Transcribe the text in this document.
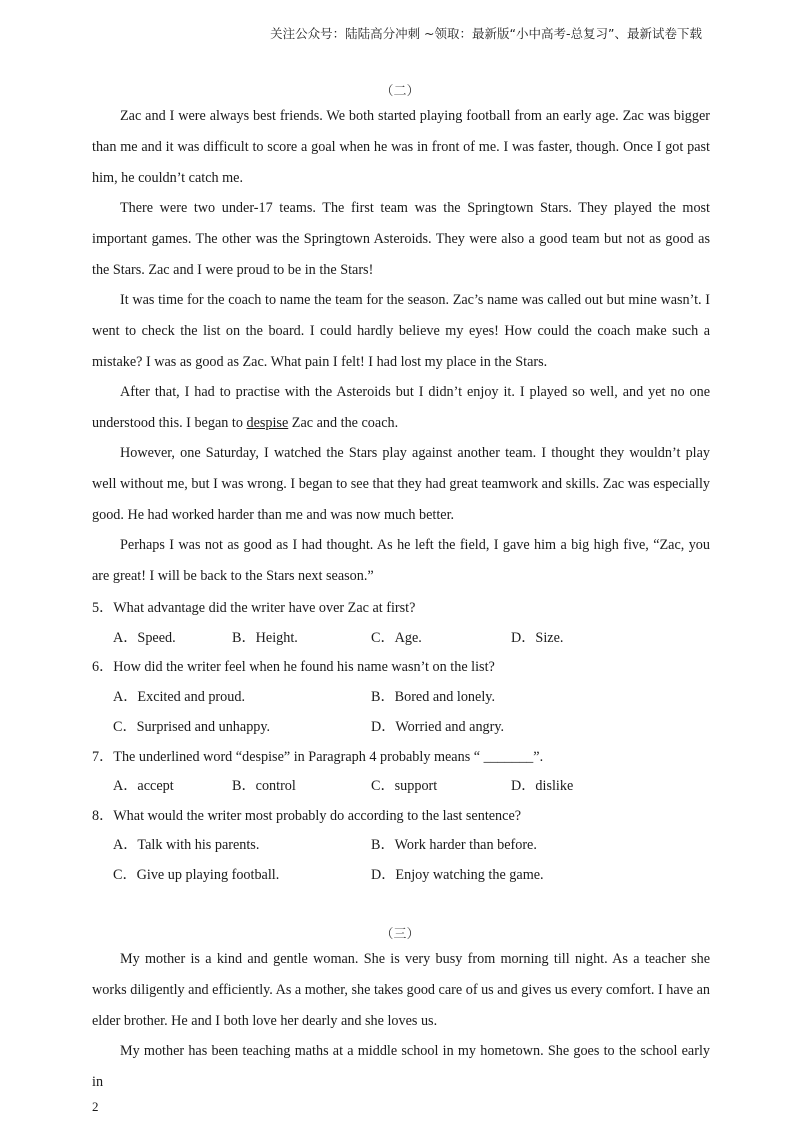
关注公众号：陆陆高分冲刺 ~领取：最新版“小中高考-总复习”、最新试卷下载
（二）

Zac and I were always best friends. We both started playing football from an early age. Zac was bigger than me and it was difficult to score a goal when he was in front of me. I was faster, though. Once I got past him, he couldn’t catch me.

There were two under-17 teams. The first team was the Springtown Stars. They played the most important games. The other was the Springtown Asteroids. They were also a good team but not as good as the Stars. Zac and I were proud to be in the Stars!

It was time for the coach to name the team for the season. Zac’s name was called out but mine wasn’t. I went to check the list on the board. I could hardly believe my eyes! How could the coach make such a mistake? I was as good as Zac. What pain I felt! I had lost my place in the Stars.

After that, I had to practise with the Asteroids but I didn’t enjoy it. I played so well, and yet no one understood this. I began to despise Zac and the coach.

However, one Saturday, I watched the Stars play against another team. I thought they wouldn’t play well without me, but I was wrong. I began to see that they had great teamwork and skills. Zac was especially good. He had worked harder than me and was now much better.

Perhaps I was not as good as I had thought. As he left the field, I gave him a big high five, “Zac, you are great! I will be back to the Stars next season.”

5．What advantage did the writer have over Zac at first?
A．Speed.	B．Height.	C．Age.	D．Size.
6．How did the writer feel when he found his name wasn’t on the list?
A．Excited and proud.	B．Bored and lonely.
C．Surprised and unhappy.	D．Worried and angry.
7．The underlined word “despise” in Paragraph 4 probably means “ _______”.
A．accept	B．control	C．support	D．dislike
8．What would the writer most probably do according to the last sentence?
A．Talk with his parents.	B．Work harder than before.
C．Give up playing football.	D．Enjoy watching the game.
（三）

My mother is a kind and gentle woman. She is very busy from morning till night. As a teacher she works diligently and efficiently. As a mother, she takes good care of us and gives us every comfort. I have an elder brother. He and I both love her dearly and she loves us.

My mother has been teaching maths at a middle school in my hometown. She goes to the school early in

2
